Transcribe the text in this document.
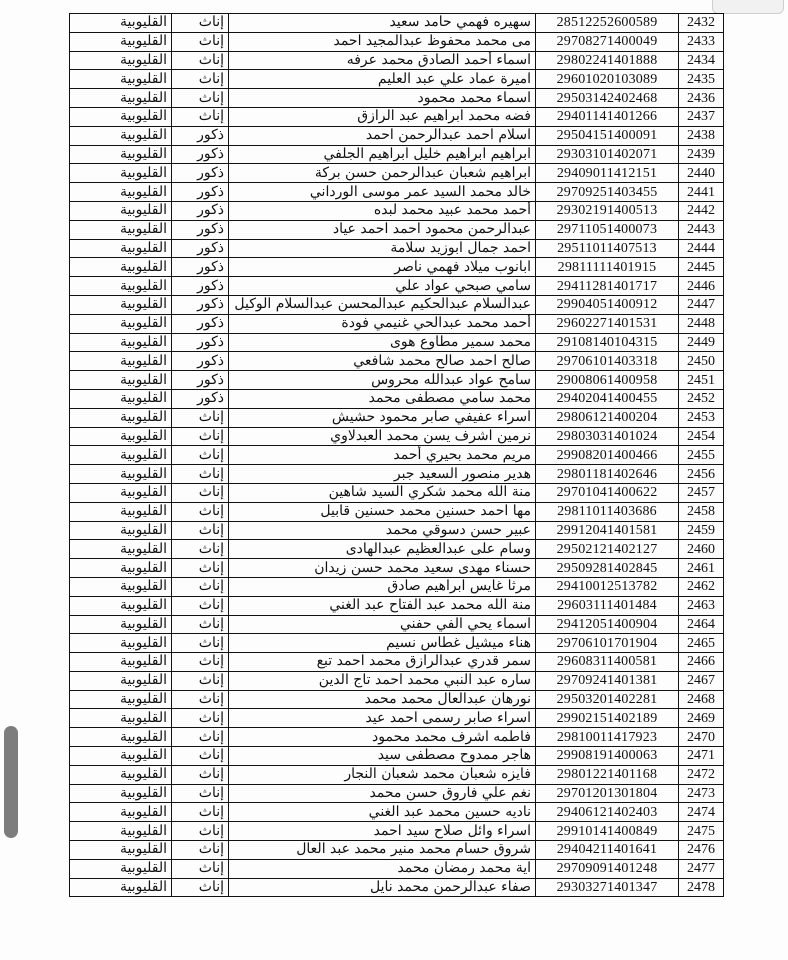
القليوبية	إناث	سهيره فهمي حامد سعيد	28512252600589	2432
القليوبية	إناث	مى محمد محفوظ عبدالمجيد احمد	29708271400049	2433
القليوبية	إناث	اسماء أحمد الصادق محمد عرفه	29802241401888	2434
القليوبية	إناث	اميرة عماد علي عبد العليم	29601020103089	2435
القليوبية	إناث	اسماء محمد محمود	29503142402468	2436
القليوبية	إناث	فضه محمد ابراهيم عبد الرازق	29401141401266	2437
القليوبية	ذكور	اسلام احمد عبدالرحمن احمد	29504151400091	2438
القليوبية	ذكور	ابراهيم ابراهيم خليل ابراهيم الجلفي	29303101402071	2439
القليوبية	ذكور	ابراهيم شعبان عبدالرحمن حسن بركة	29409011412151	2440
القليوبية	ذكور	خالد محمد السيد عمر موسى الورداني	29709251403455	2441
القليوبية	ذكور	أحمد محمد عبيد محمد لبده	29302191400513	2442
القليوبية	ذكور	عبدالرحمن محمود احمد احمد عياد	29711051400073	2443
القليوبية	ذكور	احمد جمال ابوزيد سلامة	29511011407513	2444
القليوبية	ذكور	ابانوب ميلاد فهمي ناصر	29811111401915	2445
القليوبية	ذكور	سامي صبحي عواد علي	29411281401717	2446
القليوبية	ذكور	عبدالسلام عبدالحكيم عبدالمحسن عبدالسلام الوكيل	29904051400912	2447
القليوبية	ذكور	أحمد محمد عبدالحي غنيمي فودة	29602271401531	2448
القليوبية	ذكور	محمد سمير مطاوع هوى	29108140104315	2449
القليوبية	ذكور	صالح احمد صالح محمد شافعي	29706101403318	2450
القليوبية	ذكور	سامح عواد عبدالله محروس	29008061400958	2451
القليوبية	ذكور	محمد سامي مصطفى محمد	29402041400455	2452
القليوبية	إناث	اسراء عفيفي صابر محمود حشيش	29806121400204	2453
القليوبية	إناث	نرمين اشرف يسن محمد العبدلاوي	29803031401024	2454
القليوبية	إناث	مريم محمد بحيري أحمد	29908201400466	2455
القليوبية	إناث	هدير منصور السعيد جبر	29801181402646	2456
القليوبية	إناث	منة الله محمد شكري السيد شاهين	29701041400622	2457
القليوبية	إناث	مها احمد حسنين محمد حسنين قابيل	29811011403686	2458
القليوبية	إناث	عبير حسن دسوقي محمد	29912041401581	2459
القليوبية	إناث	وسام على عبدالعظيم عبدالهادى	29502121402127	2460
القليوبية	إناث	حسناء مهدى سعيد محمد حسن زيدان	29509281402845	2461
القليوبية	إناث	مرثا غايس ابراهيم صادق	29410012513782	2462
القليوبية	إناث	منة الله محمد عبد الفتاح عبد الغني	29603111401484	2463
القليوبية	إناث	اسماء يحي الفي حفني	29412051400904	2464
القليوبية	إناث	هناء ميشيل غطاس نسيم	29706101701904	2465
القليوبية	إناث	سمر قدري عبدالرازق محمد احمد تبع	29608311400581	2466
القليوبية	إناث	ساره عبد النبي محمد احمد تاج الدين	29709241401381	2467
القليوبية	إناث	نورهان عبدالعال محمد محمد	29503201402281	2468
القليوبية	إناث	اسراء صابر رسمى احمد عيد	29902151402189	2469
القليوبية	إناث	فاطمه اشرف محمد محمود	29810011417923	2470
القليوبية	إناث	هاجر ممدوح مصطفى سيد	29908191400063	2471
القليوبية	إناث	فايزه شعبان محمد شعبان النجار	29801221401168	2472
القليوبية	إناث	نغم علي فاروق حسن محمد	29701201301804	2473
القليوبية	إناث	ناديه حسين محمد عبد الغني	29406121402403	2474
القليوبية	إناث	اسراء وائل صلاح سيد احمد	29910141400849	2475
القليوبية	إناث	شروق حسام محمد منير محمد عبد العال	29404211401641	2476
القليوبية	إناث	اية محمد رمضان محمد	29709091401248	2477
القليوبية	إناث	صفاء عبدالرحمن محمد نايل	29303271401347	2478
